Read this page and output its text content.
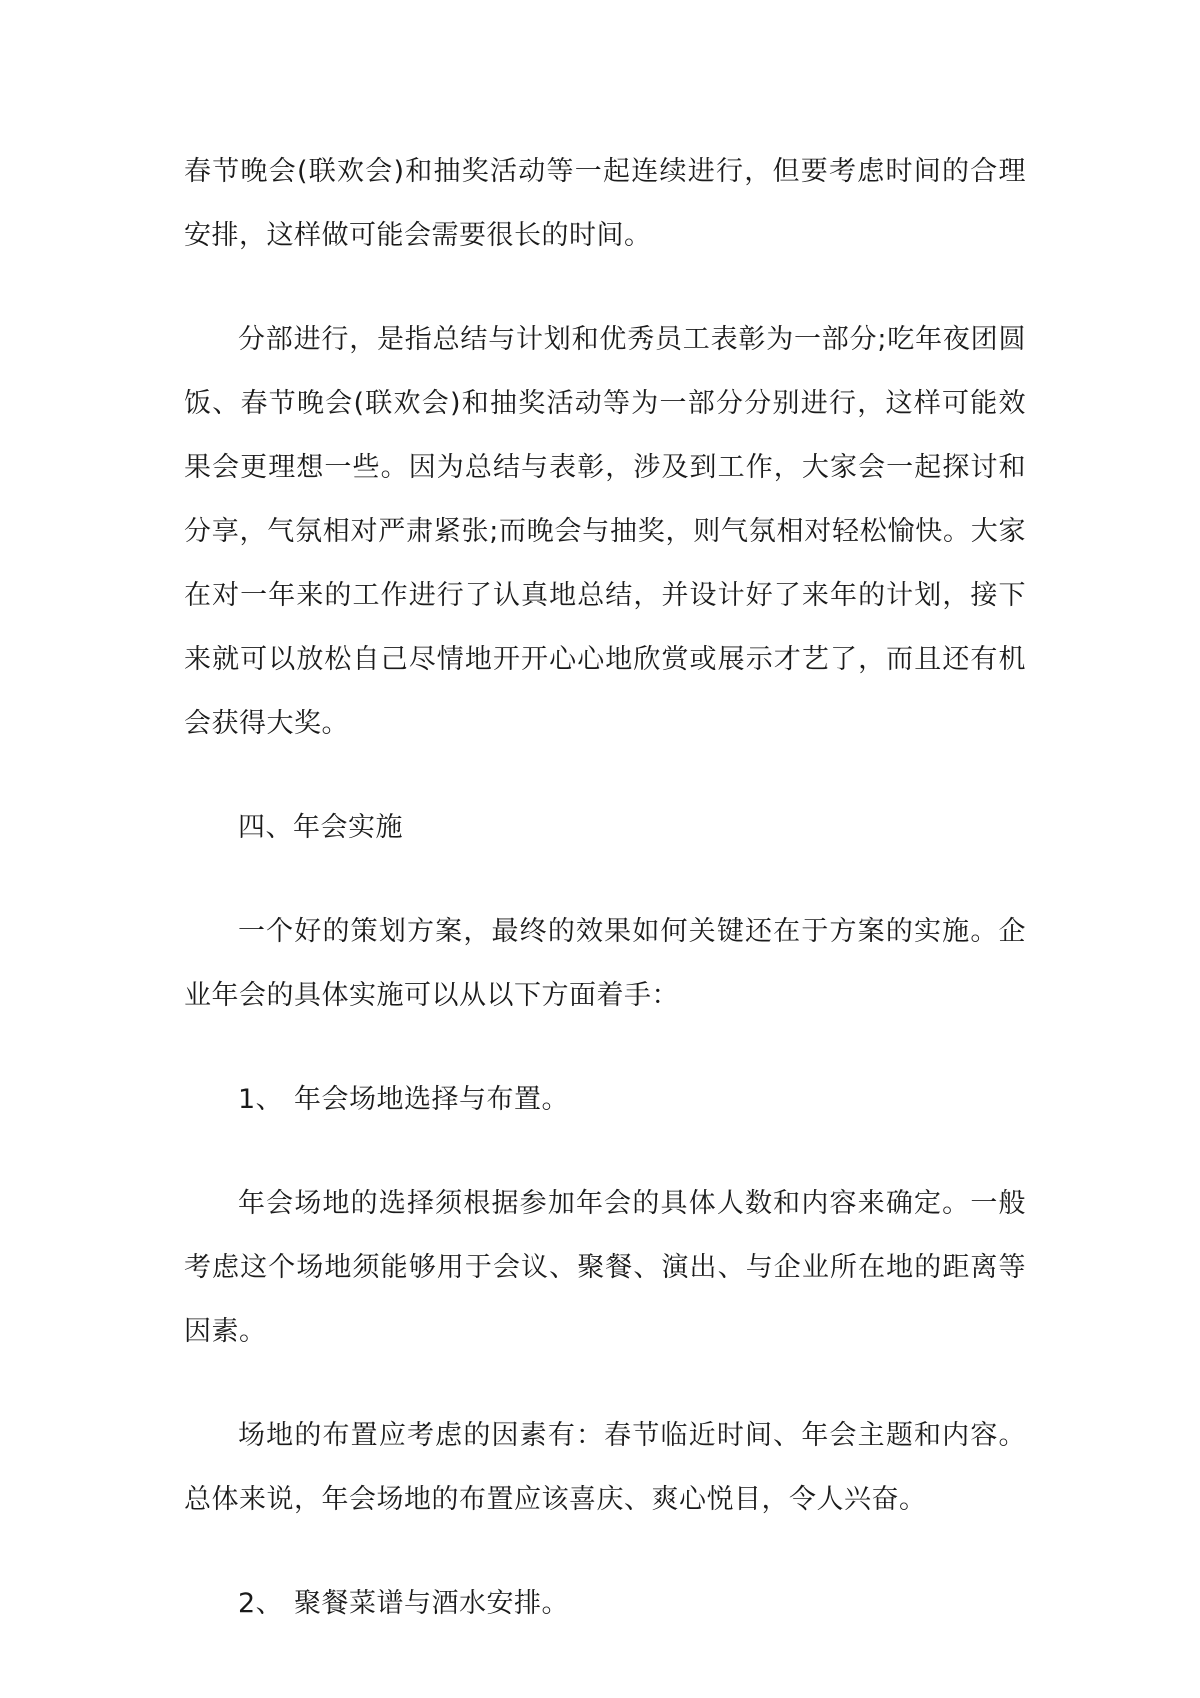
春节晚会(联欢会)和抽奖活动等一起连续进行，但要考虑时间的合理安排，这样做可能会需要很长的时间。

分部进行，是指总结与计划和优秀员工表彰为一部分;吃年夜团圆饭、春节晚会(联欢会)和抽奖活动等为一部分分别进行，这样可能效果会更理想一些。因为总结与表彰，涉及到工作，大家会一起探讨和分享，气氛相对严肃紧张;而晚会与抽奖，则气氛相对轻松愉快。大家在对一年来的工作进行了认真地总结，并设计好了来年的计划，接下来就可以放松自己尽情地开开心心地欣赏或展示才艺了，而且还有机会获得大奖。

四、年会实施

一个好的策划方案，最终的效果如何关键还在于方案的实施。企业年会的具体实施可以从以下方面着手：

1、 年会场地选择与布置。

年会场地的选择须根据参加年会的具体人数和内容来确定。一般考虑这个场地须能够用于会议、聚餐、演出、与企业所在地的距离等因素。

场地的布置应考虑的因素有：春节临近时间、年会主题和内容。总体来说，年会场地的布置应该喜庆、爽心悦目，令人兴奋。

2、 聚餐菜谱与酒水安排。
